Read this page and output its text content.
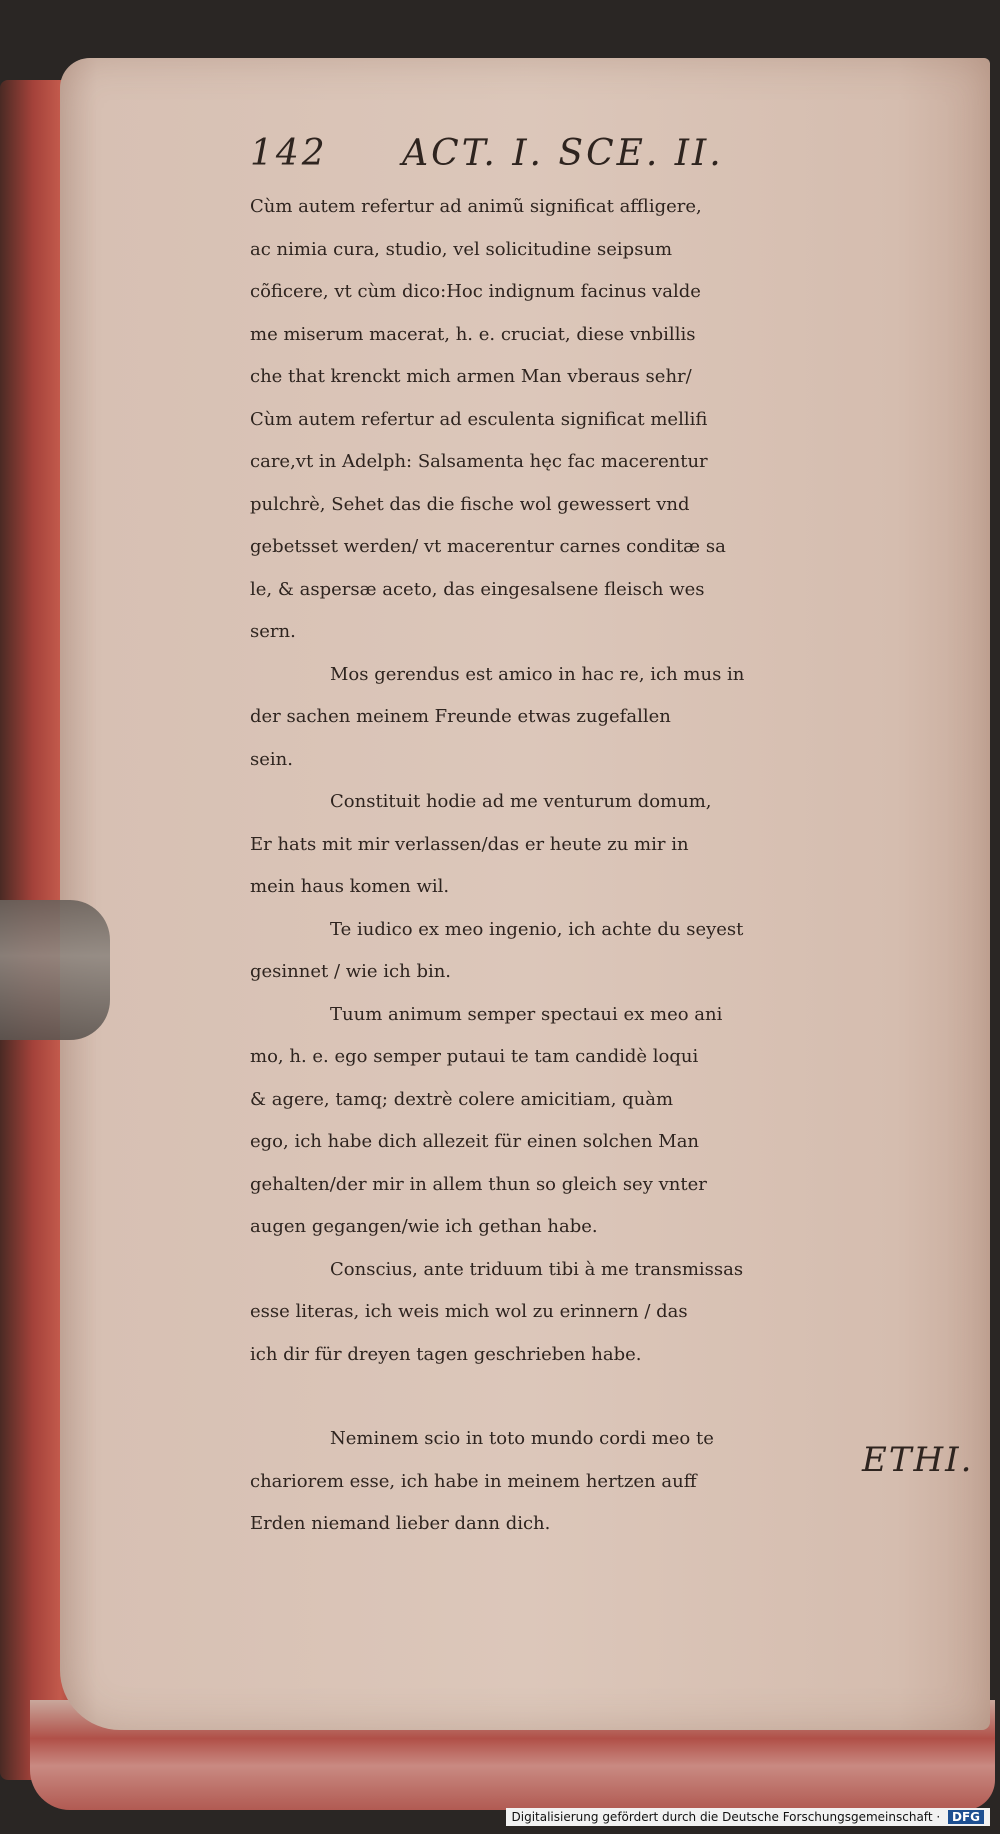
142 ACT. I. SCE. II.
Cùm autem refertur ad animũ significat affligere,
ac nimia cura, studio, vel solicitudine seipsum
cõficere, vt cùm dico:Hoc indignum facinus valde
me miserum macerat, h. e. cruciat, diese vnbillis
che that krenckt mich armen Man vberaus sehr/
Cùm autem refertur ad esculenta significat mellifi
care,vt in Adelph: Salsamenta hęc fac macerentur
pulchrè, Sehet das die fische wol gewessert vnd
gebetsset werden/ vt macerentur carnes conditæ sa
le, & aspersæ aceto, das eingesalsene fleisch wes
sern.
Mos gerendus est amico in hac re, ich mus in
der sachen meinem Freunde etwas zugefallen
sein.
Constituit hodie ad me venturum domum,
Er hats mit mir verlassen/das er heute zu mir in
mein haus komen wil.
Te iudico ex meo ingenio, ich achte du seyest
gesinnet / wie ich bin.
Tuum animum semper spectaui ex meo ani
mo, h. e. ego semper putaui te tam candidè loqui
& agere, tamq; dextrè colere amicitiam, quàm
ego, ich habe dich allezeit für einen solchen Man
gehalten/der mir in allem thun so gleich sey vnter
augen gegangen/wie ich gethan habe.
Conscius, ante triduum tibi à me transmissas
esse literas, ich weis mich wol zu erinnern / das
ich dir für dreyen tagen geschrieben habe.
Neminem scio in toto mundo cordi meo te
chariorem esse, ich habe in meinem hertzen auff
Erden niemand lieber dann dich.
ETHI.
Digitalisierung gefördert durch die Deutsche Forschungsgemeinschaft · DFG
